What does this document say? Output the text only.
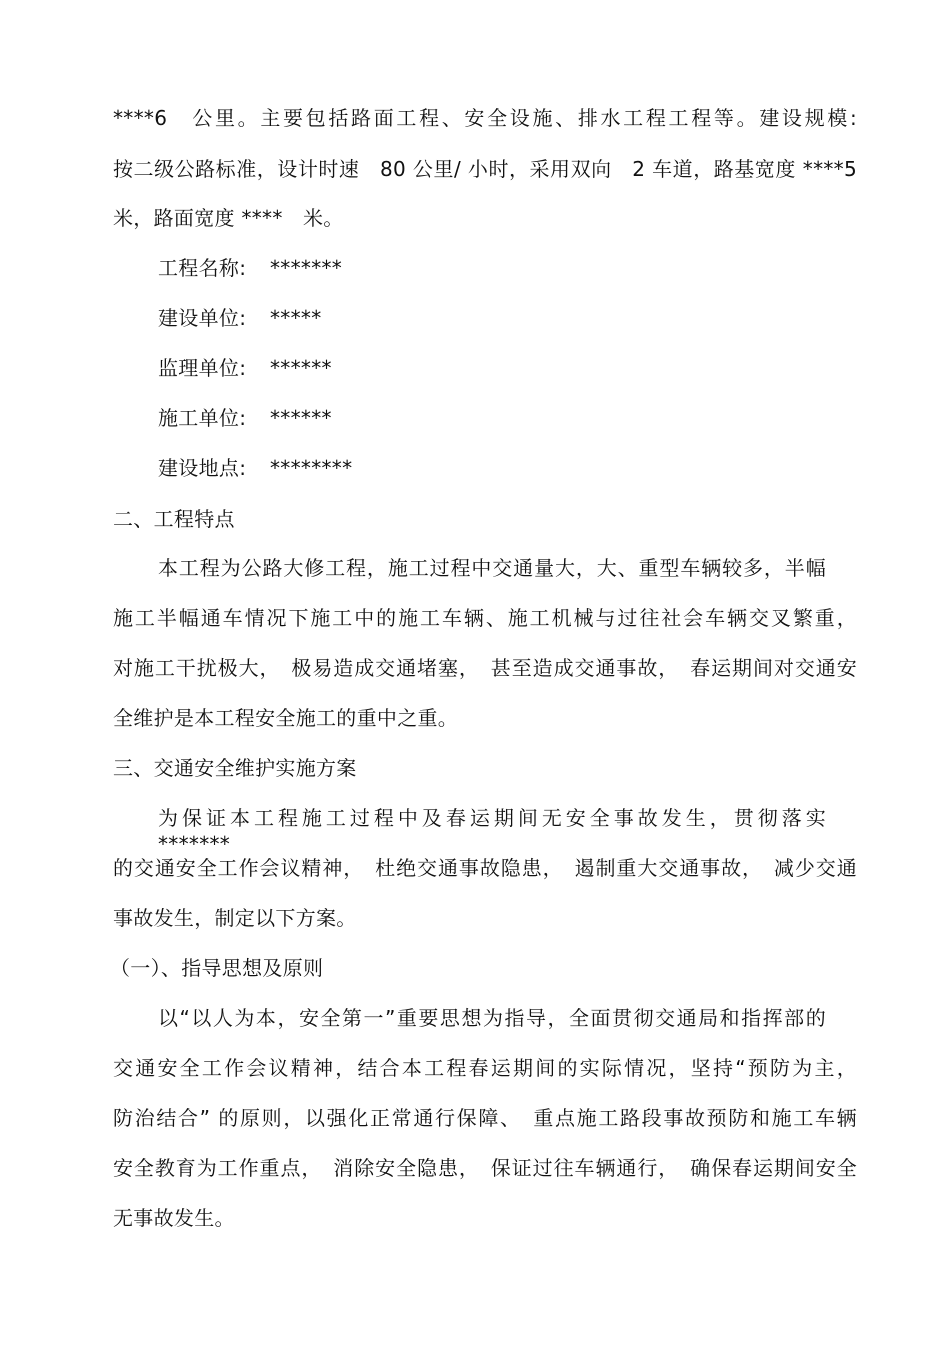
****6　公里。主要包括路面工程、安全设施、排水工程工程等。建设规模:
按二级公路标准，设计时速　80 公里/ 小时，采用双向　2 车道，路基宽度 ****5
米，路面宽度 ****　米。
工程名称: *******
建设单位: *****
监理单位: ******
施工单位: ******
建设地点: ********
二、工程特点
本工程为公路大修工程，施工过程中交通量大，大、重型车辆较多，半幅
施工半幅通车情况下施工中的施工车辆、施工机械与过往社会车辆交叉繁重，
对施工干扰极大，　极易造成交通堵塞，　甚至造成交通事故，　春运期间对交通安
全维护是本工程安全施工的重中之重。
三、交通安全维护实施方案
为保证本工程施工过程中及春运期间无安全事故发生，贯彻落实　　*******
的交通安全工作会议精神，　杜绝交通事故隐患，　遏制重大交通事故，　减少交通
事故发生，制定以下方案。
（一）、指导思想及原则
以“以人为本，安全第一”重要思想为指导，全面贯彻交通局和指挥部的
交通安全工作会议精神，结合本工程春运期间的实际情况，坚持“预防为主，
防治结合” 的原则，以强化正常通行保障、　重点施工路段事故预防和施工车辆
安全教育为工作重点，　消除安全隐患，　保证过往车辆通行，　确保春运期间安全
无事故发生。
